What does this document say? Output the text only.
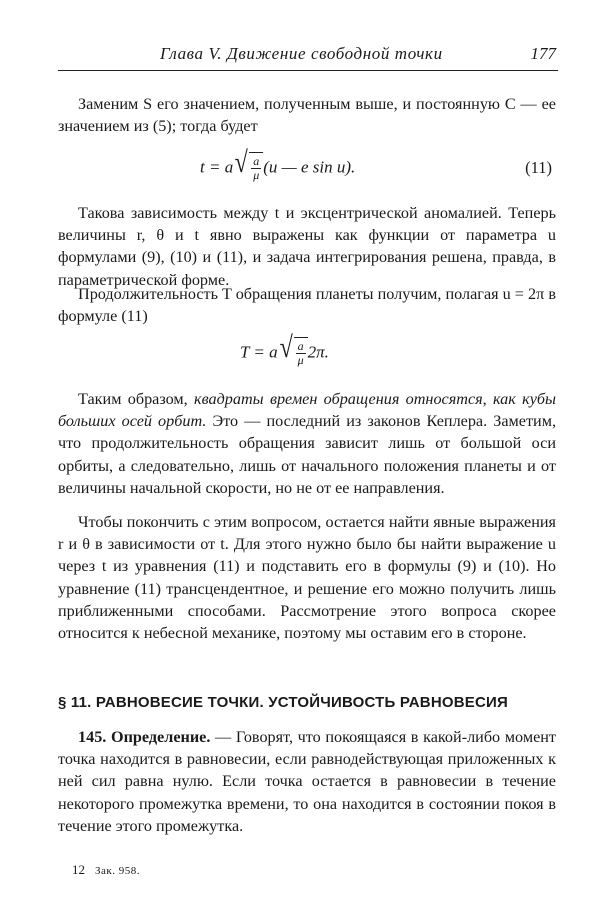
Глава V. Движение свободной точки	177

Заменим S его значением, полученным выше, и постоянную C — ее значением из (5); тогда будет

t = a √ $\frac{a}{\mu} (u$ — e sin u).	(11)

Такова зависимость между t и эксцентрической аномалией. Теперь величины r, θ и t явно выражены как функции от параметра u формулами (9), (10) и (11), и задача интегрирования решена, правда, в параметрической форме.

Продолжительность T обращения планеты получим, полагая u = 2π в формуле (11)

T = a √ $\frac{a}{\mu} 2\pi$.

Таким образом, квадраты времен обращения относятся, как кубы больших осей орбит. Это — последний из законов Кеплера. Заметим, что продолжительность обращения зависит лишь от большой оси орбиты, а следовательно, лишь от начального положения планеты и от величины начальной скорости, но не от ее направления.

Чтобы покончить с этим вопросом, остается найти явные выражения r и θ в зависимости от t. Для этого нужно было бы найти выражение u через t из уравнения (11) и подставить его в формулы (9) и (10). Но уравнение (11) трансцендентное, и решение его можно получить лишь приближенными способами. Рассмотрение этого вопроса скорее относится к небесной механике, поэтому мы оставим его в стороне.

§ 11. РАВНОВЕСИЕ ТОЧКИ. УСТОЙЧИВОСТЬ РАВНОВЕСИЯ

145. Определение. — Говорят, что покоящаяся в какой-либо момент точка находится в равновесии, если равнодействующая приложенных к ней сил равна нулю. Если точка остается в равновесии в течение некоторого промежутка времени, то она находится в состоянии покоя в течение этого промежутка.

12 Зак. 958.
